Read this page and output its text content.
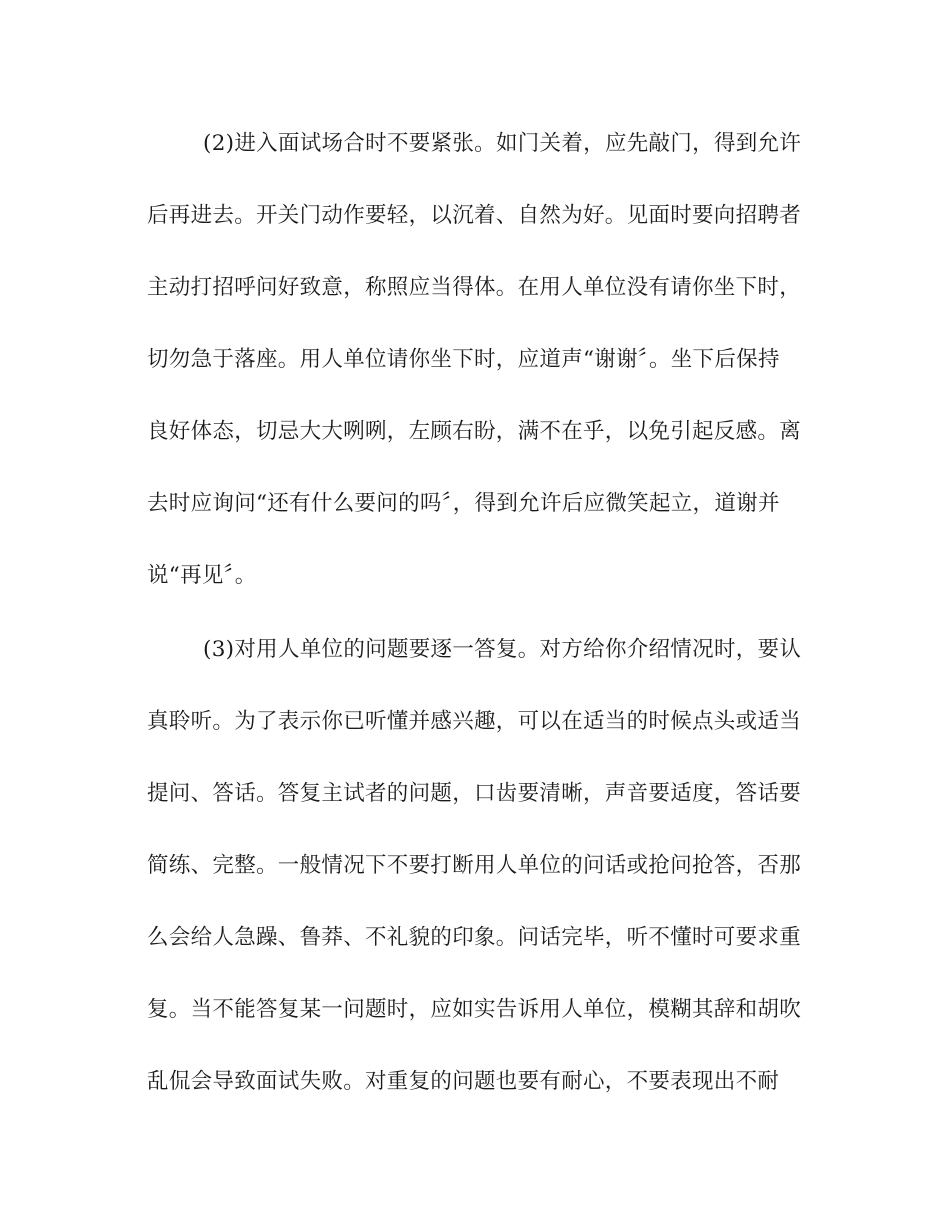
(2)进入面试场合时不要紧张。如门关着，应先敲门，得到允许
后再进去。开关门动作要轻，以沉着、自然为好。见面时要向招聘者
主动打招呼问好致意，称照应当得体。在用人单位没有请你坐下时，
切勿急于落座。用人单位请你坐下时，应道声“谢谢〞。坐下后保持
良好体态，切忌大大咧咧，左顾右盼，满不在乎，以免引起反感。离
去时应询问“还有什么要问的吗〞，得到允许后应微笑起立，道谢并
说“再见〞。
(3)对用人单位的问题要逐一答复。对方给你介绍情况时，要认
真聆听。为了表示你已听懂并感兴趣，可以在适当的时候点头或适当
提问、答话。答复主试者的问题，口齿要清晰，声音要适度，答话要
简练、完整。一般情况下不要打断用人单位的问话或抢问抢答，否那
么会给人急躁、鲁莽、不礼貌的印象。问话完毕，听不懂时可要求重
复。当不能答复某一问题时，应如实告诉用人单位，模糊其辞和胡吹
乱侃会导致面试失败。对重复的问题也要有耐心，不要表现出不耐
